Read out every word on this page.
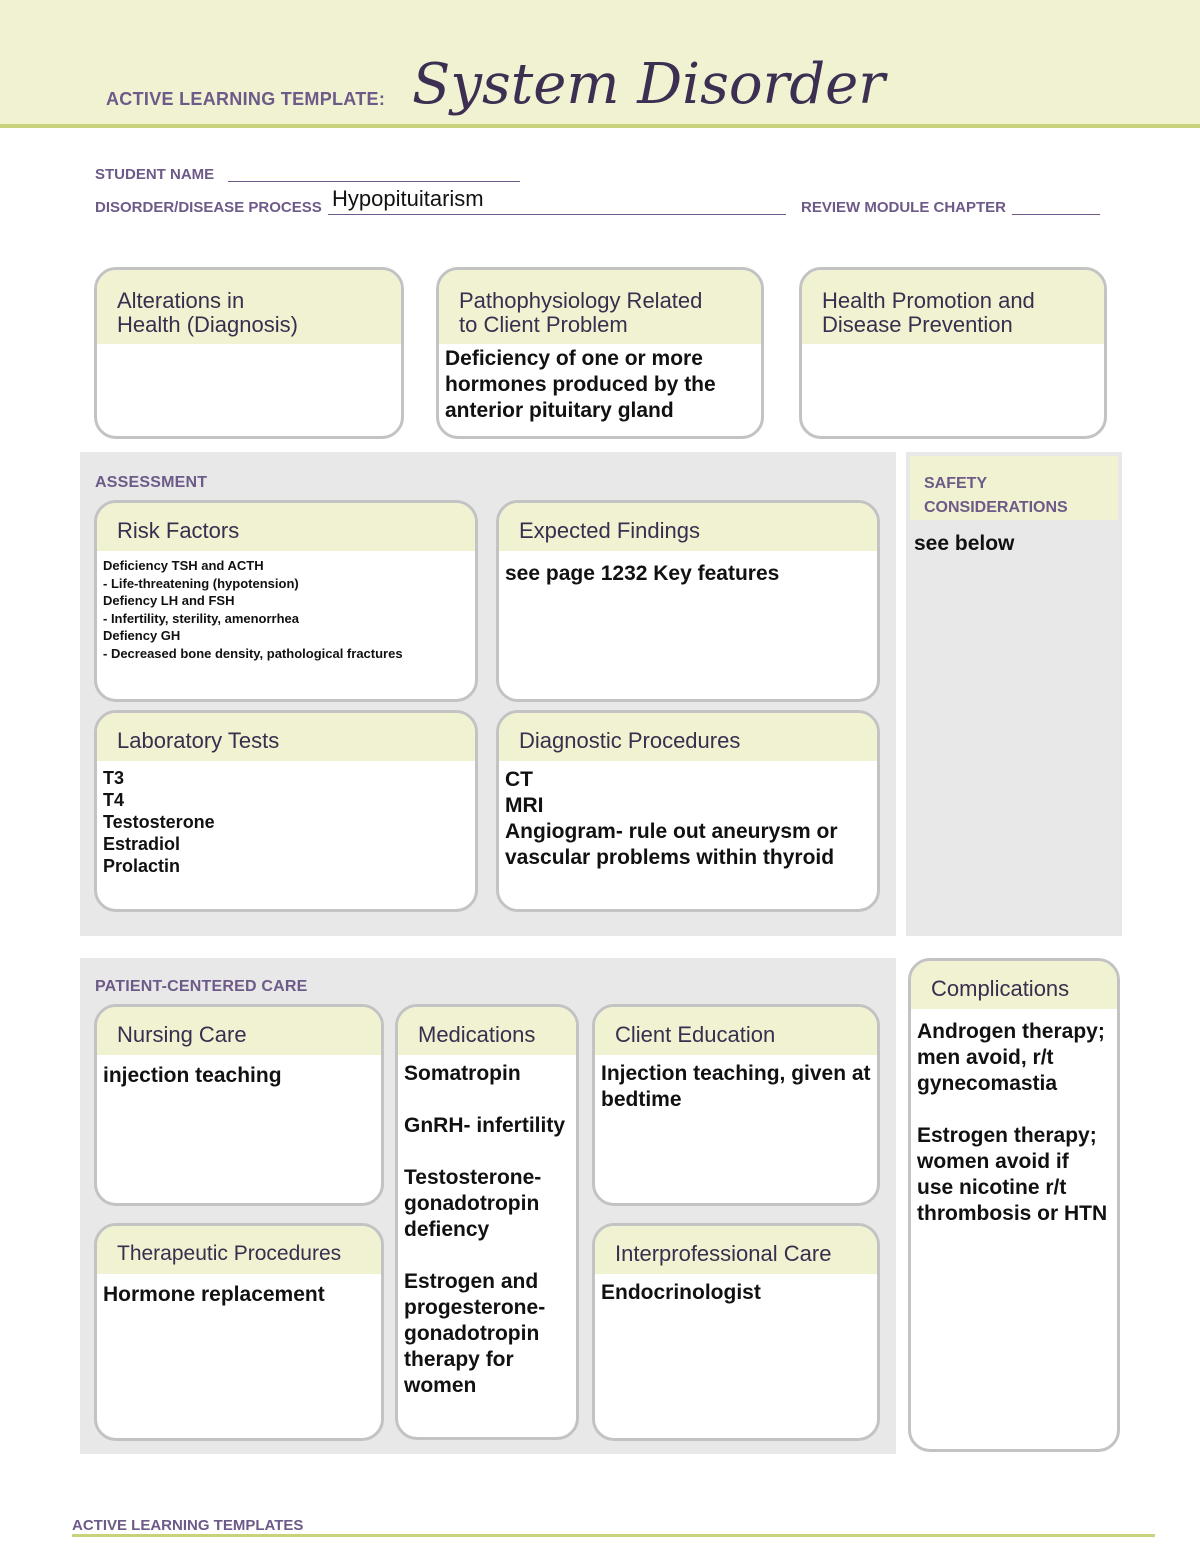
ACTIVE LEARNING TEMPLATE: System Disorder
STUDENT NAME
DISORDER/DISEASE PROCESS Hypopituitarism	REVIEW MODULE CHAPTER
Alterations in
Health (Diagnosis)
Pathophysiology Related
to Client Problem
Deficiency of one or more hormones produced by the anterior pituitary gland
Health Promotion and
Disease Prevention
ASSESSMENT
Risk Factors
Deficiency TSH and ACTH
- Life-threatening (hypotension)
Defiency LH and FSH
- Infertility, sterility, amenorrhea
Defiency GH
- Decreased bone density, pathological fractures
Expected Findings
see page 1232 Key features
Laboratory Tests
T3
T4
Testosterone
Estradiol
Prolactin
Diagnostic Procedures
CT
MRI
Angiogram- rule out aneurysm or vascular problems within thyroid
SAFETY
CONSIDERATIONS
see below
PATIENT-CENTERED CARE
Nursing Care
injection teaching
Medications
Somatropin

GnRH- infertility

Testosterone-
gonadotropin
defiency

Estrogen and
progesterone-
gonadotropin
therapy for
women
Client Education
Injection teaching, given at bedtime
Therapeutic Procedures
Hormone replacement
Interprofessional Care
Endocrinologist
Complications
Androgen therapy;
men avoid, r/t
gynecomastia

Estrogen therapy;
women avoid if
use nicotine r/t
thrombosis or HTN
ACTIVE LEARNING TEMPLATES
